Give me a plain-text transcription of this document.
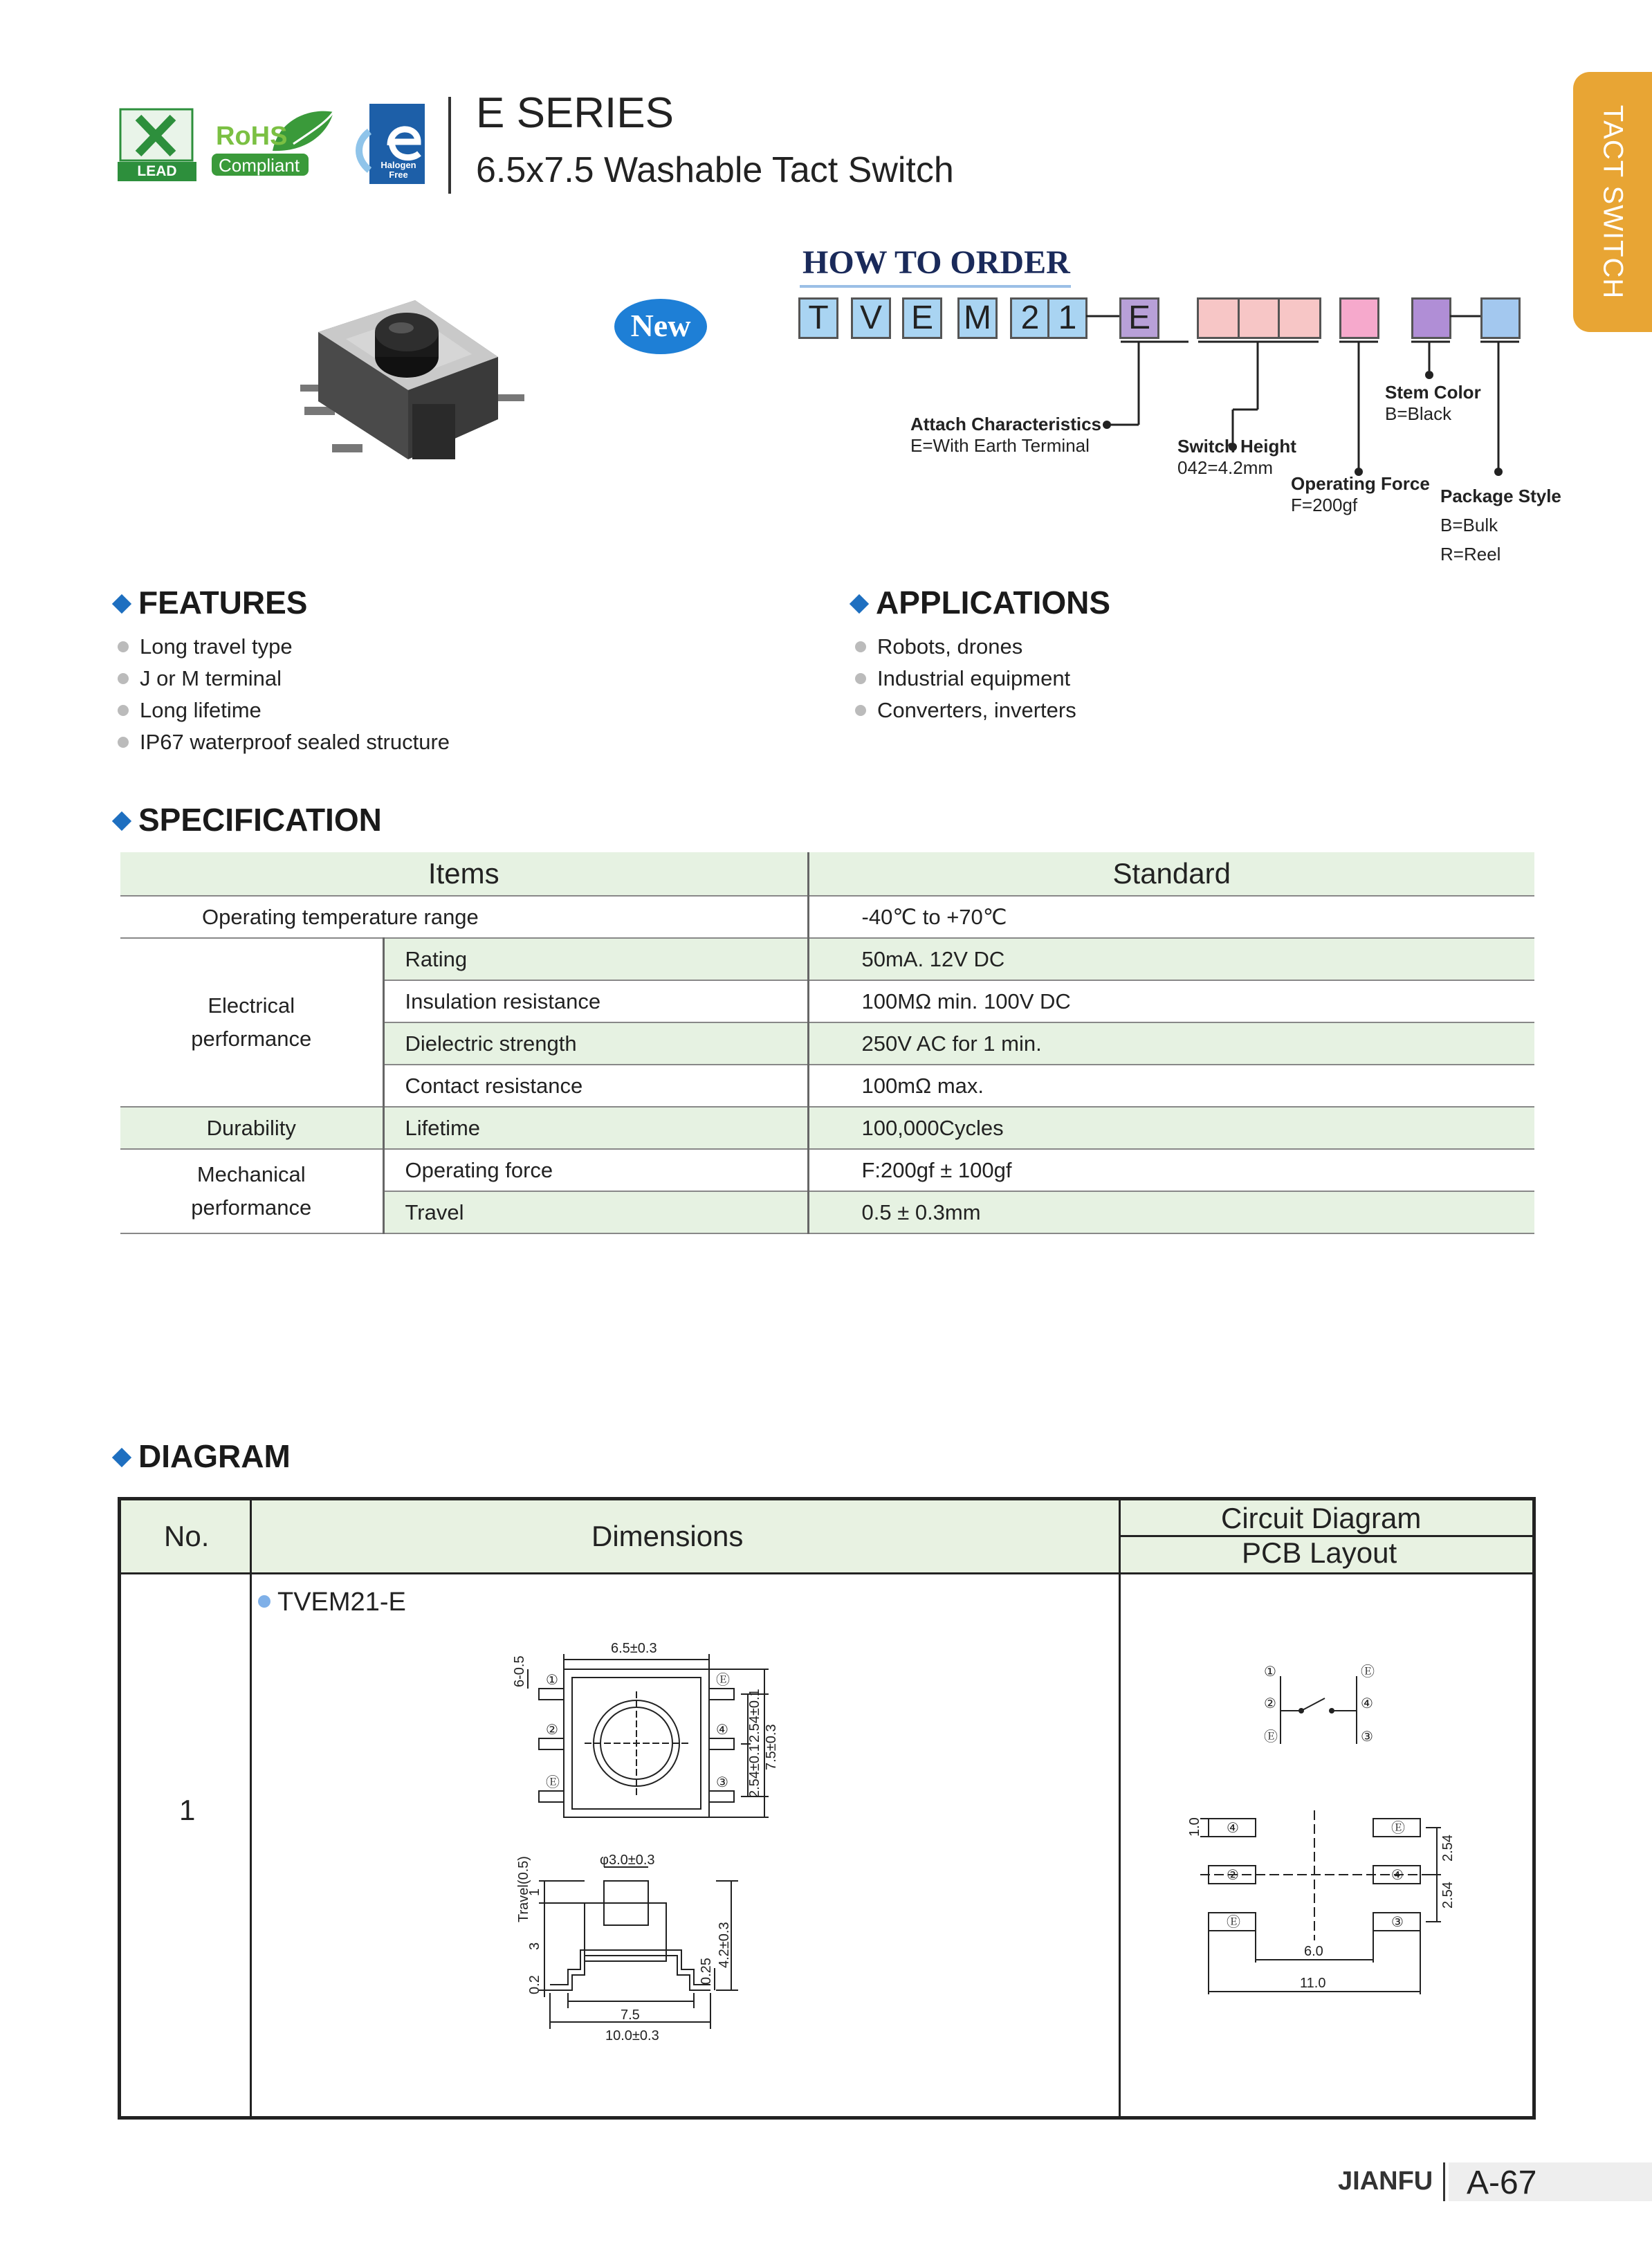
LEAD FREE
RoHS
Compliant	Halogen Free
E SERIES
6.5x7.5 Washable Tact Switch	TACT SWITCH
New
HOW TO ORDER
T V E M 2 1	E
Attach Characteristics
E=With Earth Terminal	Switch Height
042=4.2mm
Operating Force
F=200gf
Stem Color
B=Black
Package Style
B=Bulk
R=Reel
FEATURES
Long travel type
J or M terminal
Long lifetime
IP67 waterproof sealed structure
APPLICATIONS
Robots, drones
Industrial equipment
Converters, inverters
SPECIFICATION
Items		Standard
Operating temperature range		-40℃ to +70℃
Electrical performance	Rating	50mA. 12V DC
	Insulation resistance	100MΩ min. 100V DC
	Dielectric strength	250V AC for 1 min.
	Contact resistance	100mΩ max.
Durability	Lifetime	100,000Cycles
Mechanical performance	Operating force	F:200gf ± 100gf
	Travel	0.5 ± 0.3mm
DIAGRAM
No.	Dimensions
Circuit Diagram
PCB Layout
1
TVEM21-E
6.5±0.3
6-0.5
2.54±0.1
2.54±0.1
7.5±0.3
①
②
Ⓔ
Ⓔ
④
③
Travel(0.5)	φ3.0±0.3
1
3
0.2
0.25
4.2±0.3
7.5
10.0±0.3
①
②
Ⓔ
Ⓔ
④
③
1.0
2.54
2.54
6.0
11.0
④	Ⓔ
②	④
Ⓔ	③
JIANFU A-67
